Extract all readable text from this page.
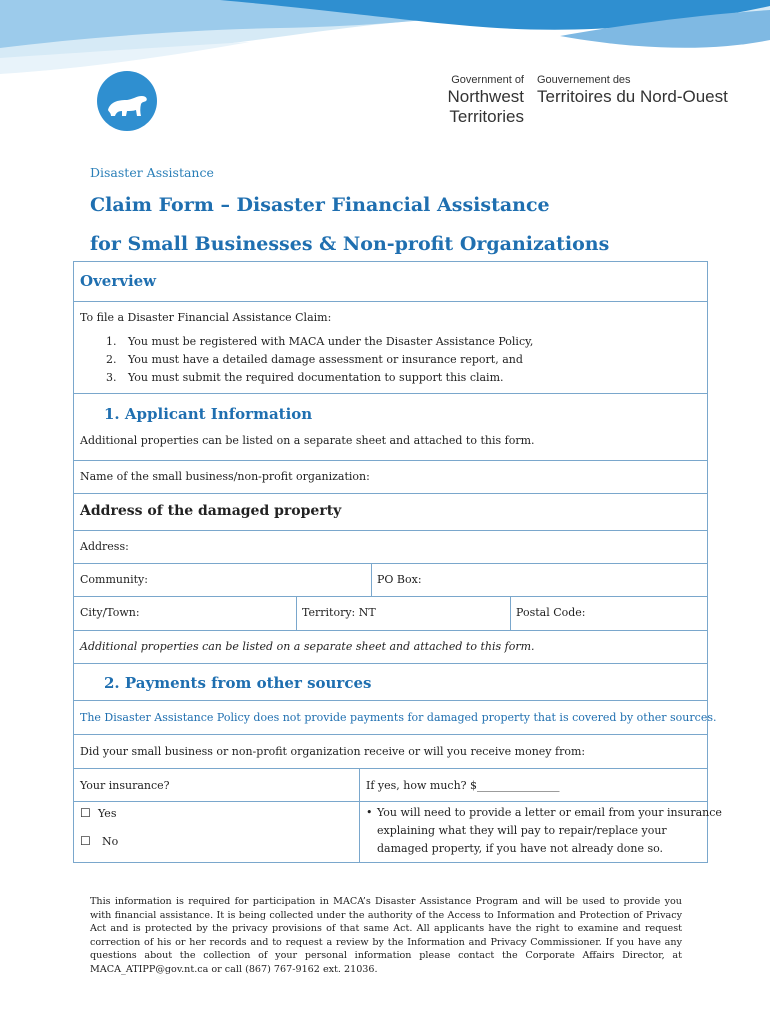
Government of
Northwest Territories
Gouvernement des
Territoires du Nord-Ouest
Disaster Assistance
Claim Form – Disaster Financial Assistance
for Small Businesses & Non-profit Organizations
Overview
To file a Disaster Financial Assistance Claim:
1. You must be registered with MACA under the Disaster Assistance Policy,
2. You must have a detailed damage assessment or insurance report, and
3. You must submit the required documentation to support this claim.
1. Applicant Information
Additional properties can be listed on a separate sheet and attached to this form.
Name of the small business/non-profit organization:
Address of the damaged property
Address:
Community:	PO Box:
City/Town:	Territory: NT	Postal Code:
Additional properties can be listed on a separate sheet and attached to this form.
2. Payments from other sources
The Disaster Assistance Policy does not provide payments for damaged property that is covered by other sources.
Did your small business or non-profit organization receive or will you receive money from:
Your insurance?	If yes, how much? $_______________
☐ Yes
☐ No
• You will need to provide a letter or email from your insurance
explaining what they will pay to repair/replace your
damaged property, if you have not already done so.
This information is required for participation in MACA’s Disaster Assistance Program and will be used to provide you with financial assistance. It is being collected under the authority of the Access to Information and Protection of Privacy Act and is protected by the privacy provisions of that same Act. All applicants have the right to examine and request correction of his or her records and to request a review by the Information and Privacy Commissioner. If you have any questions about the collection of your personal information please contact the Corporate Affairs Director, at MACA_ATIPP@gov.nt.ca or call (867) 767-9162 ext. 21036.
